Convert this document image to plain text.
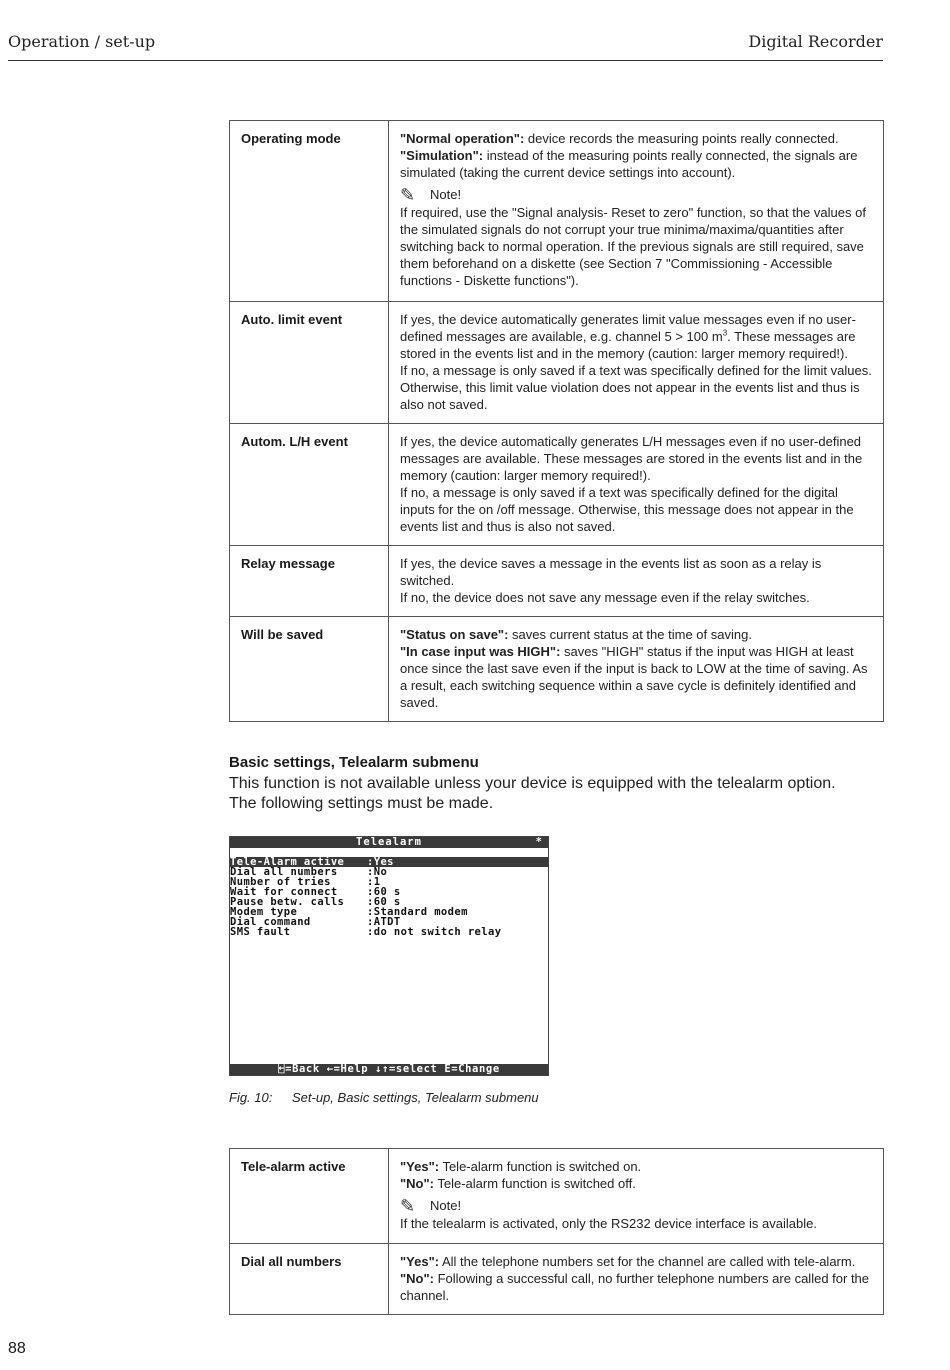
Operation / set-up	Digital Recorder
Operating mode	"Normal operation": device records the measuring points really connected.
"Simulation": instead of the measuring points really connected, the signals are simulated (taking the current device settings into account).
✎ Note!
If required, use the "Signal analysis- Reset to zero" function, so that the values of the simulated signals do not corrupt your true minima/maxima/quantities after switching back to normal operation. If the previous signals are still required, save them beforehand on a diskette (see Section 7 "Commissioning - Accessible functions - Diskette functions").

Auto. limit event	If yes, the device automatically generates limit value messages even if no user-defined messages are available, e.g. channel 5 > 100 $m^3$. These messages are stored in the events list and in the memory (caution: larger memory required!).
If no, a message is only saved if a text was specifically defined for the limit values. Otherwise, this limit value violation does not appear in the events list and thus is also not saved.

Autom. L/H event	If yes, the device automatically generates L/H messages even if no user-defined messages are available. These messages are stored in the events list and in the memory (caution: larger memory required!).
If no, a message is only saved if a text was specifically defined for the digital inputs for the on /off message. Otherwise, this message does not appear in the events list and thus is also not saved.

Relay message	If yes, the device saves a message in the events list as soon as a relay is switched.
If no, the device does not save any message even if the relay switches.

Will be saved	"Status on save": saves current status at the time of saving.
"In case input was HIGH": saves "HIGH" status if the input was HIGH at least once since the last save even if the input is back to LOW at the time of saving. As a result, each switching sequence within a save cycle is definitely identified and saved.
Basic settings, Telealarm submenu
This function is not available unless your device is equipped with the telealarm option.
The following settings must be made.
Telealarm	*
Tele-Alarm active :Yes
Dial all numbers	:No
Number of tries	:1
Wait for connect	:60 s
Pause betw. calls :60 s
Modem type	:Standard modem
Dial command	:ATDT
SMS fault	:do not switch relay
⍇=Back ←=Help ↓↑=select E=Change
Fig. 10: Set-up, Basic settings, Telealarm submenu
Tele-alarm active	"Yes": Tele-alarm function is switched on.
"No": Tele-alarm function is switched off.
✎ Note!
If the telealarm is activated, only the RS232 device interface is available.

Dial all numbers	"Yes": All the telephone numbers set for the channel are called with tele-alarm.
"No": Following a successful call, no further telephone numbers are called for the channel.
88
